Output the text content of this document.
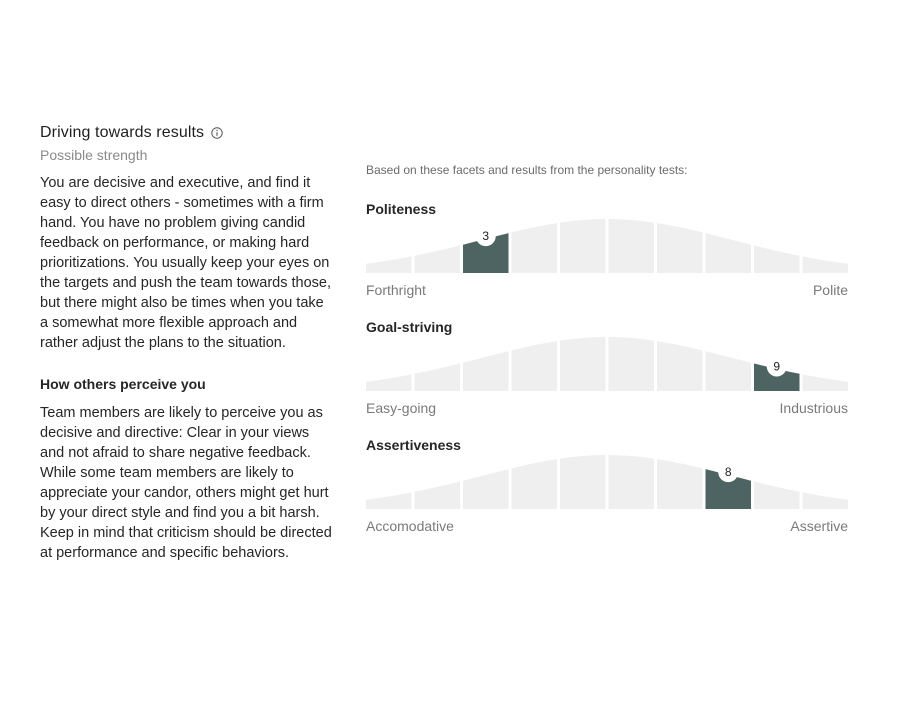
Driving towards results
Possible strength

You are decisive and executive, and find it easy to direct others - sometimes with a firm hand. You have no problem giving candid feedback on performance, or making hard prioritizations. You usually keep your eyes on the targets and push the team towards those, but there might also be times when you take a somewhat more flexible approach and rather adjust the plans to the situation.

How others perceive you

Team members are likely to perceive you as decisive and directive: Clear in your views and not afraid to share negative feedback. While some team members are likely to appreciate your candor, others might get hurt by your direct style and find you a bit harsh. Keep in mind that criticism should be directed at performance and specific behaviors.

Based on these facets and results from the personality tests:
Politeness
3
Forthright	Polite
Goal-striving
9
Easy-going	Industrious
Assertiveness
8
Accomodative	Assertive
